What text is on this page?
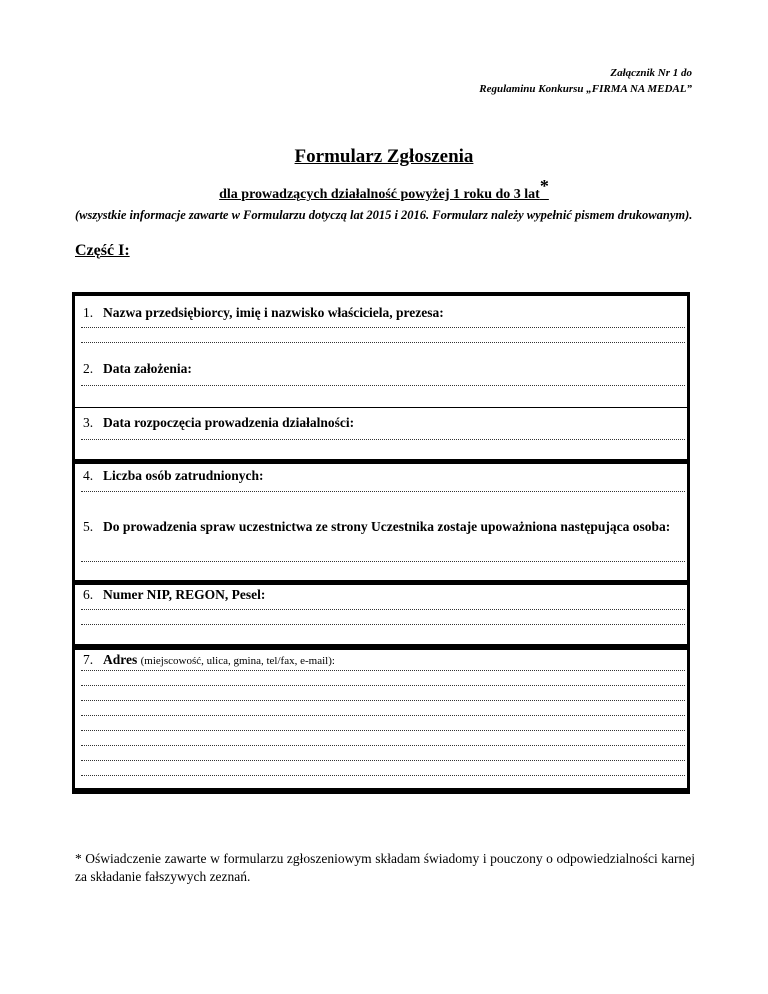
Załącznik Nr 1 do
Regulaminu Konkursu „FIRMA NA MEDAL”
Formularz Zgłoszenia
dla prowadzących działalność powyżej 1 roku do 3 lat*
(wszystkie informacje zawarte w Formularzu dotyczą lat 2015 i 2016. Formularz należy wypełnić pismem drukowanym).
Część I:
1. Nazwa przedsiębiorcy, imię i nazwisko właściciela, prezesa:
2. Data założenia:
3. Data rozpoczęcia prowadzenia działalności:
4. Liczba osób zatrudnionych:
5. Do prowadzenia spraw uczestnictwa ze strony Uczestnika zostaje upoważniona następująca osoba:
6. Numer NIP, REGON, Pesel:
7. Adres (miejscowość, ulica, gmina, tel/fax, e-mail):
* Oświadczenie zawarte w formularzu zgłoszeniowym składam świadomy i pouczony o odpowiedzialności karnej za składanie fałszywych zeznań.
